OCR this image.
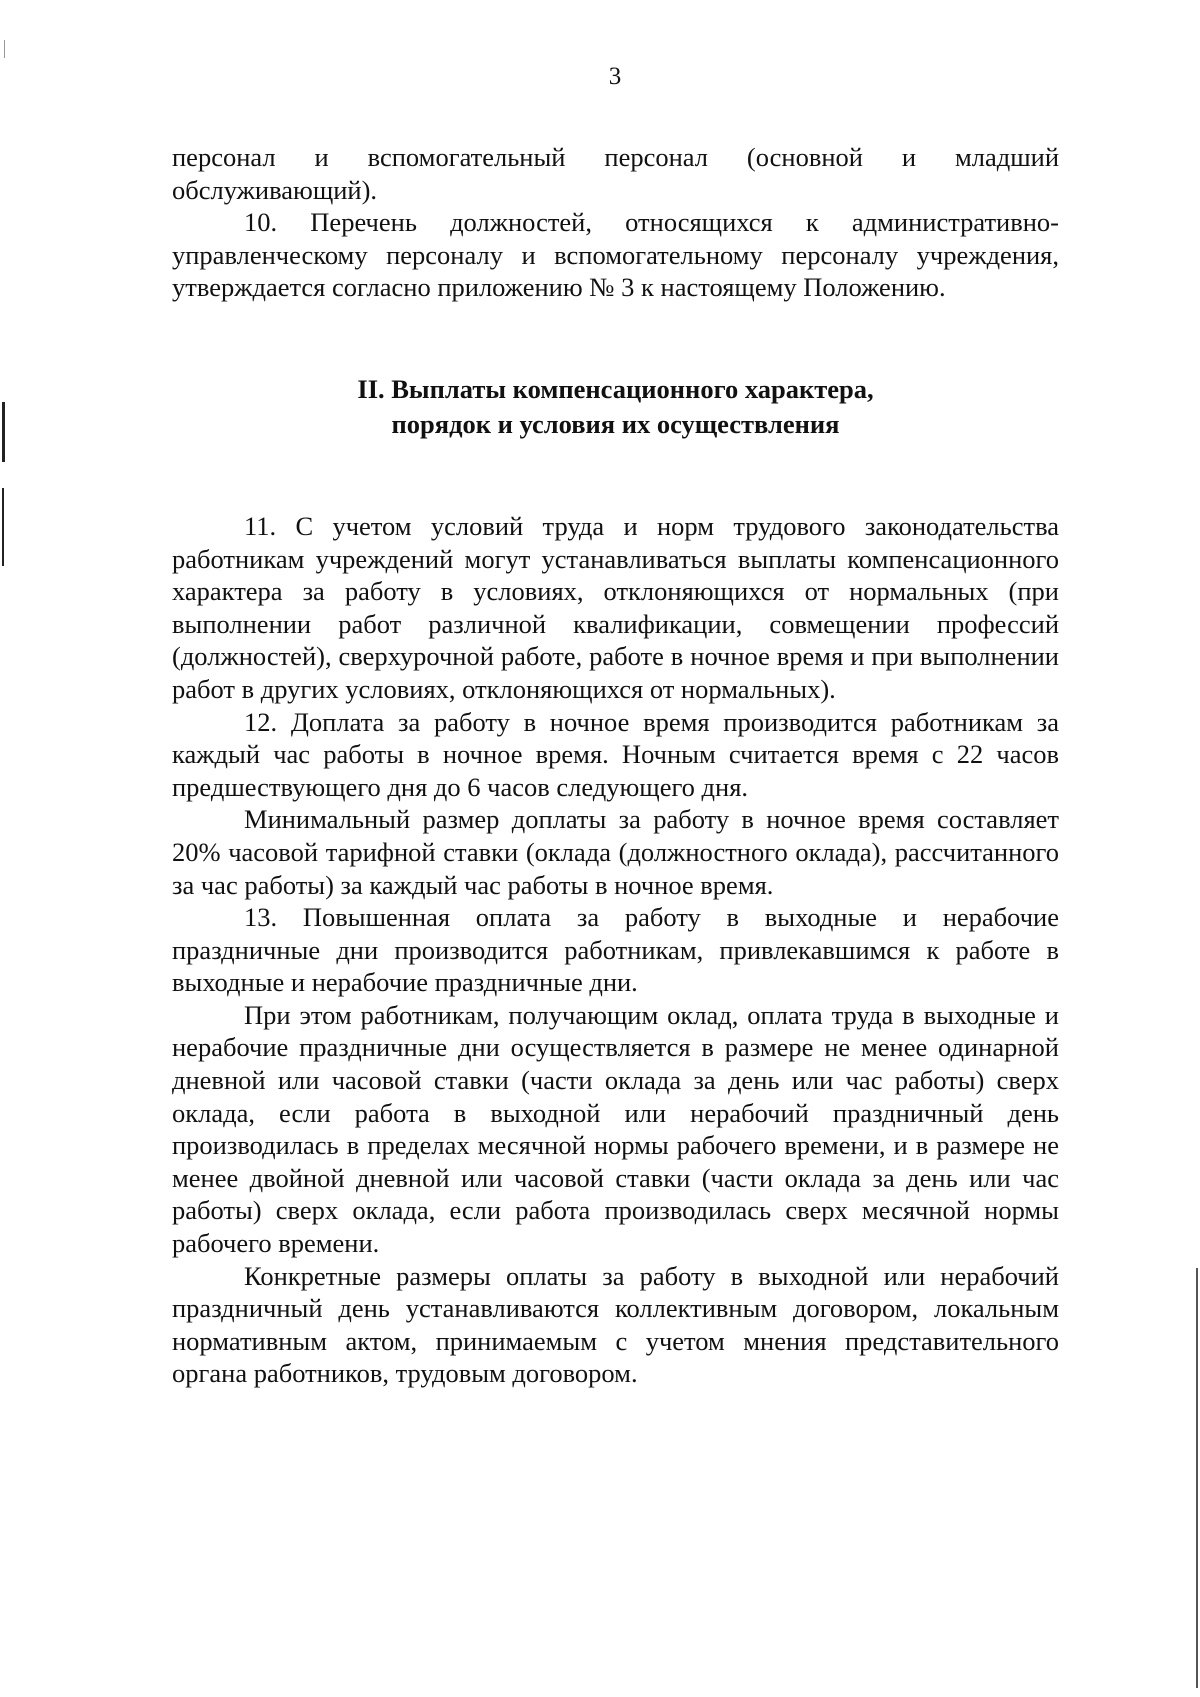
3

персонал и вспомогательный персонал (основной и младший обслуживающий).

10. Перечень должностей, относящихся к административно-управленческому персоналу и вспомогательному персоналу учреждения, утверждается согласно приложению № 3 к настоящему Положению.

II. Выплаты компенсационного характера,
порядок и условия их осуществления

11. С учетом условий труда и норм трудового законодательства работникам учреждений могут устанавливаться выплаты компенсационного характера за работу в условиях, отклоняющихся от нормальных (при выполнении работ различной квалификации, совмещении профессий (должностей), сверхурочной работе, работе в ночное время и при выполнении работ в других условиях, отклоняющихся от нормальных).

12. Доплата за работу в ночное время производится работникам за каждый час работы в ночное время. Ночным считается время с 22 часов предшествующего дня до 6 часов следующего дня.

Минимальный размер доплаты за работу в ночное время составляет 20% часовой тарифной ставки (оклада (должностного оклада), рассчитанного за час работы) за каждый час работы в ночное время.

13. Повышенная оплата за работу в выходные и нерабочие праздничные дни производится работникам, привлекавшимся к работе в выходные и нерабочие праздничные дни.

При этом работникам, получающим оклад, оплата труда в выходные и нерабочие праздничные дни осуществляется в размере не менее одинарной дневной или часовой ставки (части оклада за день или час работы) сверх оклада, если работа в выходной или нерабочий праздничный день производилась в пределах месячной нормы рабочего времени, и в размере не менее двойной дневной или часовой ставки (части оклада за день или час работы) сверх оклада, если работа производилась сверх месячной нормы рабочего времени.

Конкретные размеры оплаты за работу в выходной или нерабочий праздничный день устанавливаются коллективным договором, локальным нормативным актом, принимаемым с учетом мнения представительного органа работников, трудовым договором.
